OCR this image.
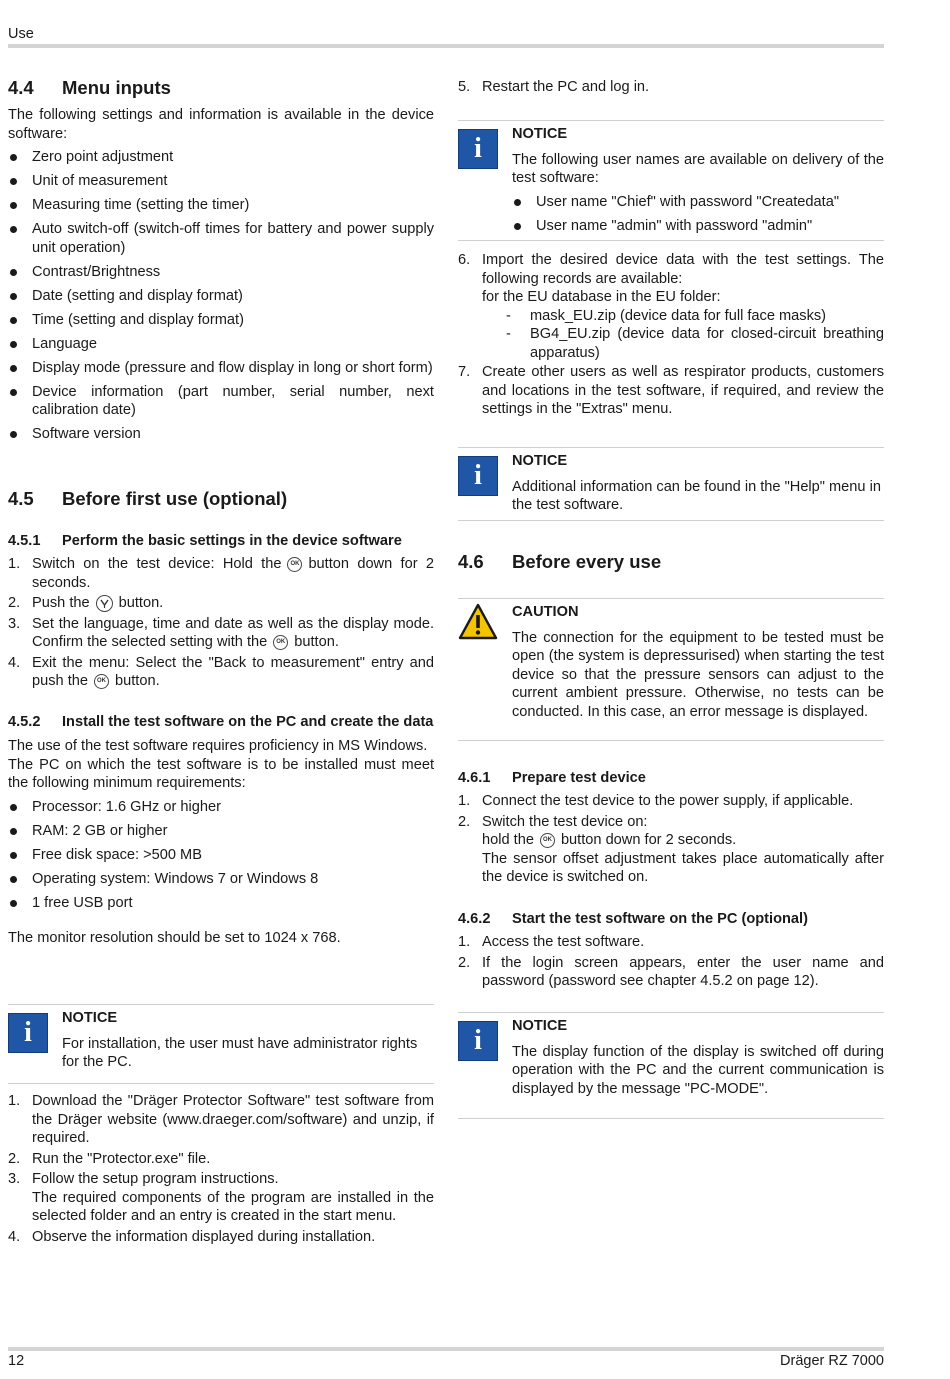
Use
4.4 Menu inputs

The following settings and information is available in the device software:

Zero point adjustment
Unit of measurement
Measuring time (setting the timer)
Auto switch-off (switch-off times for battery and power supply unit operation)
Contrast/Brightness
Date (setting and display format)
Time (setting and display format)
Language
Display mode (pressure and flow display in long or short form)
Device information (part number, serial number, next calibration date)
Software version
4.5 Before first use (optional)
4.5.1	Perform the basic settings in the device software
1. Switch on the test device: Hold the OK button down for 2 seconds.
2. Push the button.
3. Set the language, time and date as well as the display mode. Confirm the selected setting with the OK button.
4. Exit the menu: Select the "Back to measurement" entry and push the OK button.
4.5.2	Install the test software on the PC and create the data

The use of the test software requires proficiency in MS Windows.

The PC on which the test software is to be installed must meet the following minimum requirements:

Processor: 1.6 GHz or higher
RAM: 2 GB or higher
Free disk space: >500 MB
Operating system: Windows 7 or Windows 8
1 free USB port

The monitor resolution should be set to 1024 x 768.

i	NOTICE

For installation, the user must have administrator rights for the PC.

1. Download the "Dräger Protector Software" test software from the Dräger website (www.draeger.com/software) and unzip, if required.
2. Run the "Protector.exe" file.
3. Follow the setup program instructions.
The required components of the program are installed in the selected folder and an entry is created in the start menu.
4. Observe the information displayed during installation.
5. Restart the PC and log in.
i	NOTICE

The following user names are available on delivery of the test software:

User name "Chief" with password "Createdata"
User name "admin" with password "admin"
6. Import the desired device data with the test settings. The following records are available:
for the EU database in the EU folder:
-	mask_EU.zip (device data for full face masks)
-	BG4_EU.zip (device data for closed-circuit breathing apparatus)
7. Create other users as well as respirator products, customers and locations in the test software, if required, and review the settings in the "Extras" menu.
i	NOTICE

Additional information can be found in the "Help" menu in the test software.

4.6 Before every use

CAUTION

The connection for the equipment to be tested must be open (the system is depressurised) when starting the test device so that the pressure sensors can adjust to the current ambient pressure. Otherwise, no tests can be conducted. In this case, an error message is displayed.

4.6.1	Prepare test device
1. Connect the test device to the power supply, if applicable.
2. Switch the test device on:
hold the OK button down for 2 seconds.
The sensor offset adjustment takes place automatically after the device is switched on.
4.6.2	Start the test software on the PC (optional)
1. Access the test software.
2. If the login screen appears, enter the user name and password (password see chapter 4.5.2 on page 12).
i	NOTICE

The display function of the display is switched off during operation with the PC and the current communication is displayed by the message "PC-MODE".

12	Dräger RZ 7000
